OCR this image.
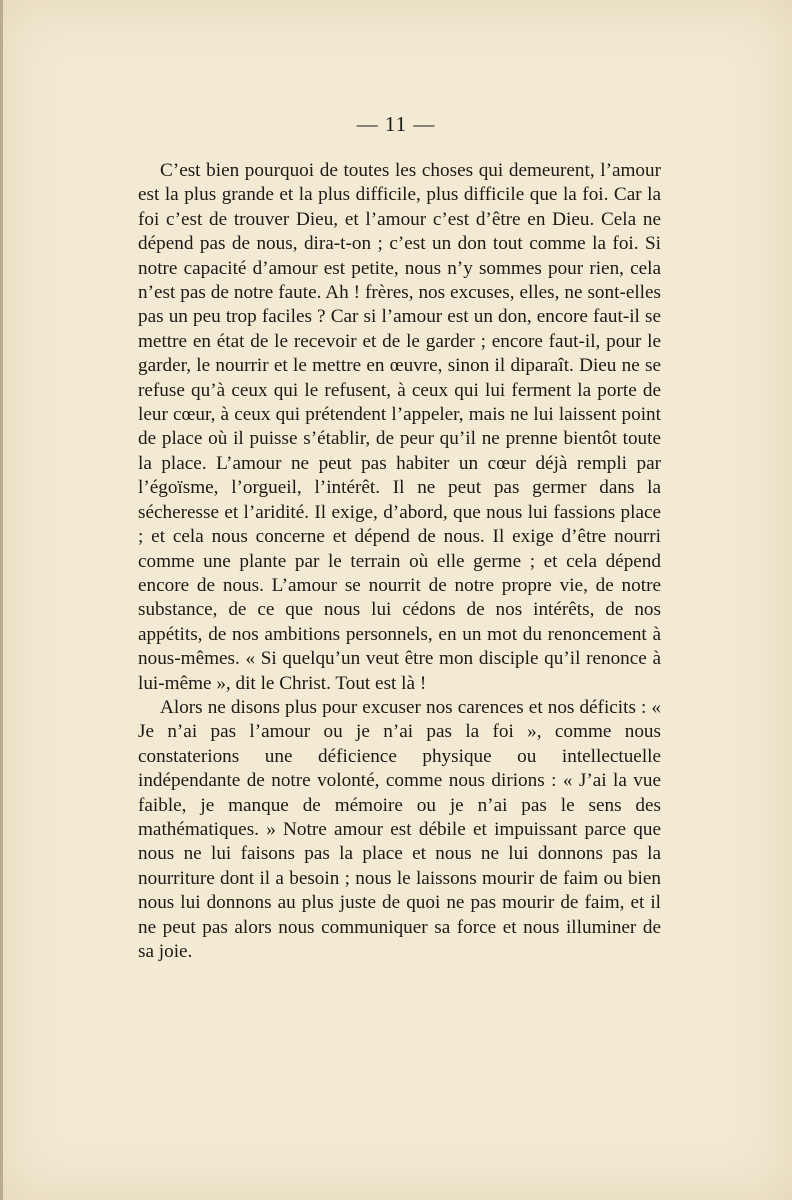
— 11 —

C’est bien pourquoi de toutes les choses qui demeurent, l’amour est la plus grande et la plus difficile, plus difficile que la foi. Car la foi c’est de trouver Dieu, et l’amour c’est d’être en Dieu. Cela ne dépend pas de nous, dira-t-on ; c’est un don tout comme la foi. Si notre capacité d’amour est petite, nous n’y sommes pour rien, cela n’est pas de notre faute. Ah ! frères, nos excuses, elles, ne sont-elles pas un peu trop faciles ? Car si l’amour est un don, encore faut-il se mettre en état de le recevoir et de le garder ; encore faut-il, pour le garder, le nourrir et le mettre en œuvre, sinon il diparaît. Dieu ne se refuse qu’à ceux qui le refusent, à ceux qui lui ferment la porte de leur cœur, à ceux qui prétendent l’appeler, mais ne lui laissent point de place où il puisse s’établir, de peur qu’il ne prenne bientôt toute la place. L’amour ne peut pas habiter un cœur déjà rempli par l’égoïsme, l’orgueil, l’intérêt. Il ne peut pas germer dans la sécheresse et l’aridité. Il exige, d’abord, que nous lui fassions place ; et cela nous concerne et dépend de nous. Il exige d’être nourri comme une plante par le terrain où elle germe ; et cela dépend encore de nous. L’amour se nourrit de notre propre vie, de notre substance, de ce que nous lui cédons de nos intérêts, de nos appétits, de nos ambitions personnels, en un mot du renoncement à nous-mêmes. « Si quelqu’un veut être mon disciple qu’il renonce à lui-même », dit le Christ. Tout est là !

Alors ne disons plus pour excuser nos carences et nos déficits : « Je n’ai pas l’amour ou je n’ai pas la foi », comme nous constaterions une déficience physique ou intellectuelle indépendante de notre volonté, comme nous dirions : « J’ai la vue faible, je manque de mémoire ou je n’ai pas le sens des mathématiques. » Notre amour est débile et impuissant parce que nous ne lui faisons pas la place et nous ne lui donnons pas la nourriture dont il a besoin ; nous le laissons mourir de faim ou bien nous lui donnons au plus juste de quoi ne pas mourir de faim, et il ne peut pas alors nous communiquer sa force et nous illuminer de sa joie.
